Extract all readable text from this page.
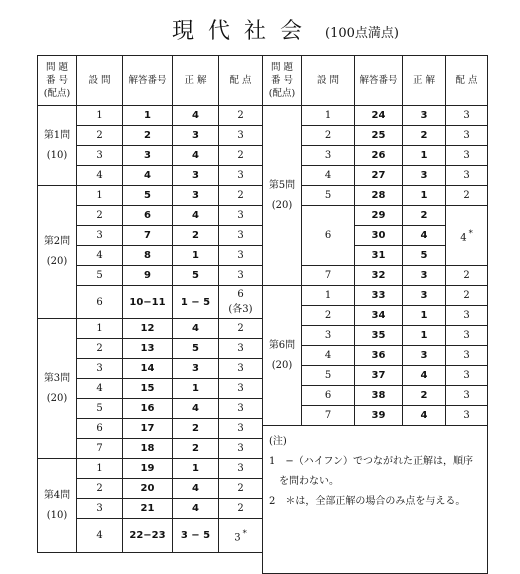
現代社会 (100点満点)
問 題
番 号
(配点)	設 問	解答番号	正 解	配 点

第1問
(10)	1	1	4	2
	2	2	3	3
	3	3	4	2
	4	4	3	3

第2問
(20)	1	5	3	2
	2	6	4	3
	3	7	2	3
	4	8	1	3
	5	9	5	3
	6	10−11	1 − 5	6
(各3)

第3問
(20)	1	12	4	2
	2	13	5	3
	3	14	3	3
	4	15	1	3
	5	16	4	3
	6	17	2	3
	7	18	2	3

第4問
(10)	1	19	1	3
	2	20	4	2
	3	21	4	2
	4	22−23	3 − 5	3 *
問 題
番 号
(配点)	設 問	解答番号	正 解	配 点

第5問
(20)	1	24	3	3
	2	25	2	3
	3	26	1	3
	4	27	3	3
	5	28	1	2
	6	29	2	4 *
		30	4	
		31	5	
	7	32	3	2

第6問
(20)	1	33	3	2
	2	34	1	3
	3	35	1	3
	4	36	3	3
	5	37	4	3
	6	38	2	3
	7	39	4	3

(注)
1　−（ハイフン）でつながれた正解は，順序
　を問わない。
2　＊は，全部正解の場合のみ点を与える。				
